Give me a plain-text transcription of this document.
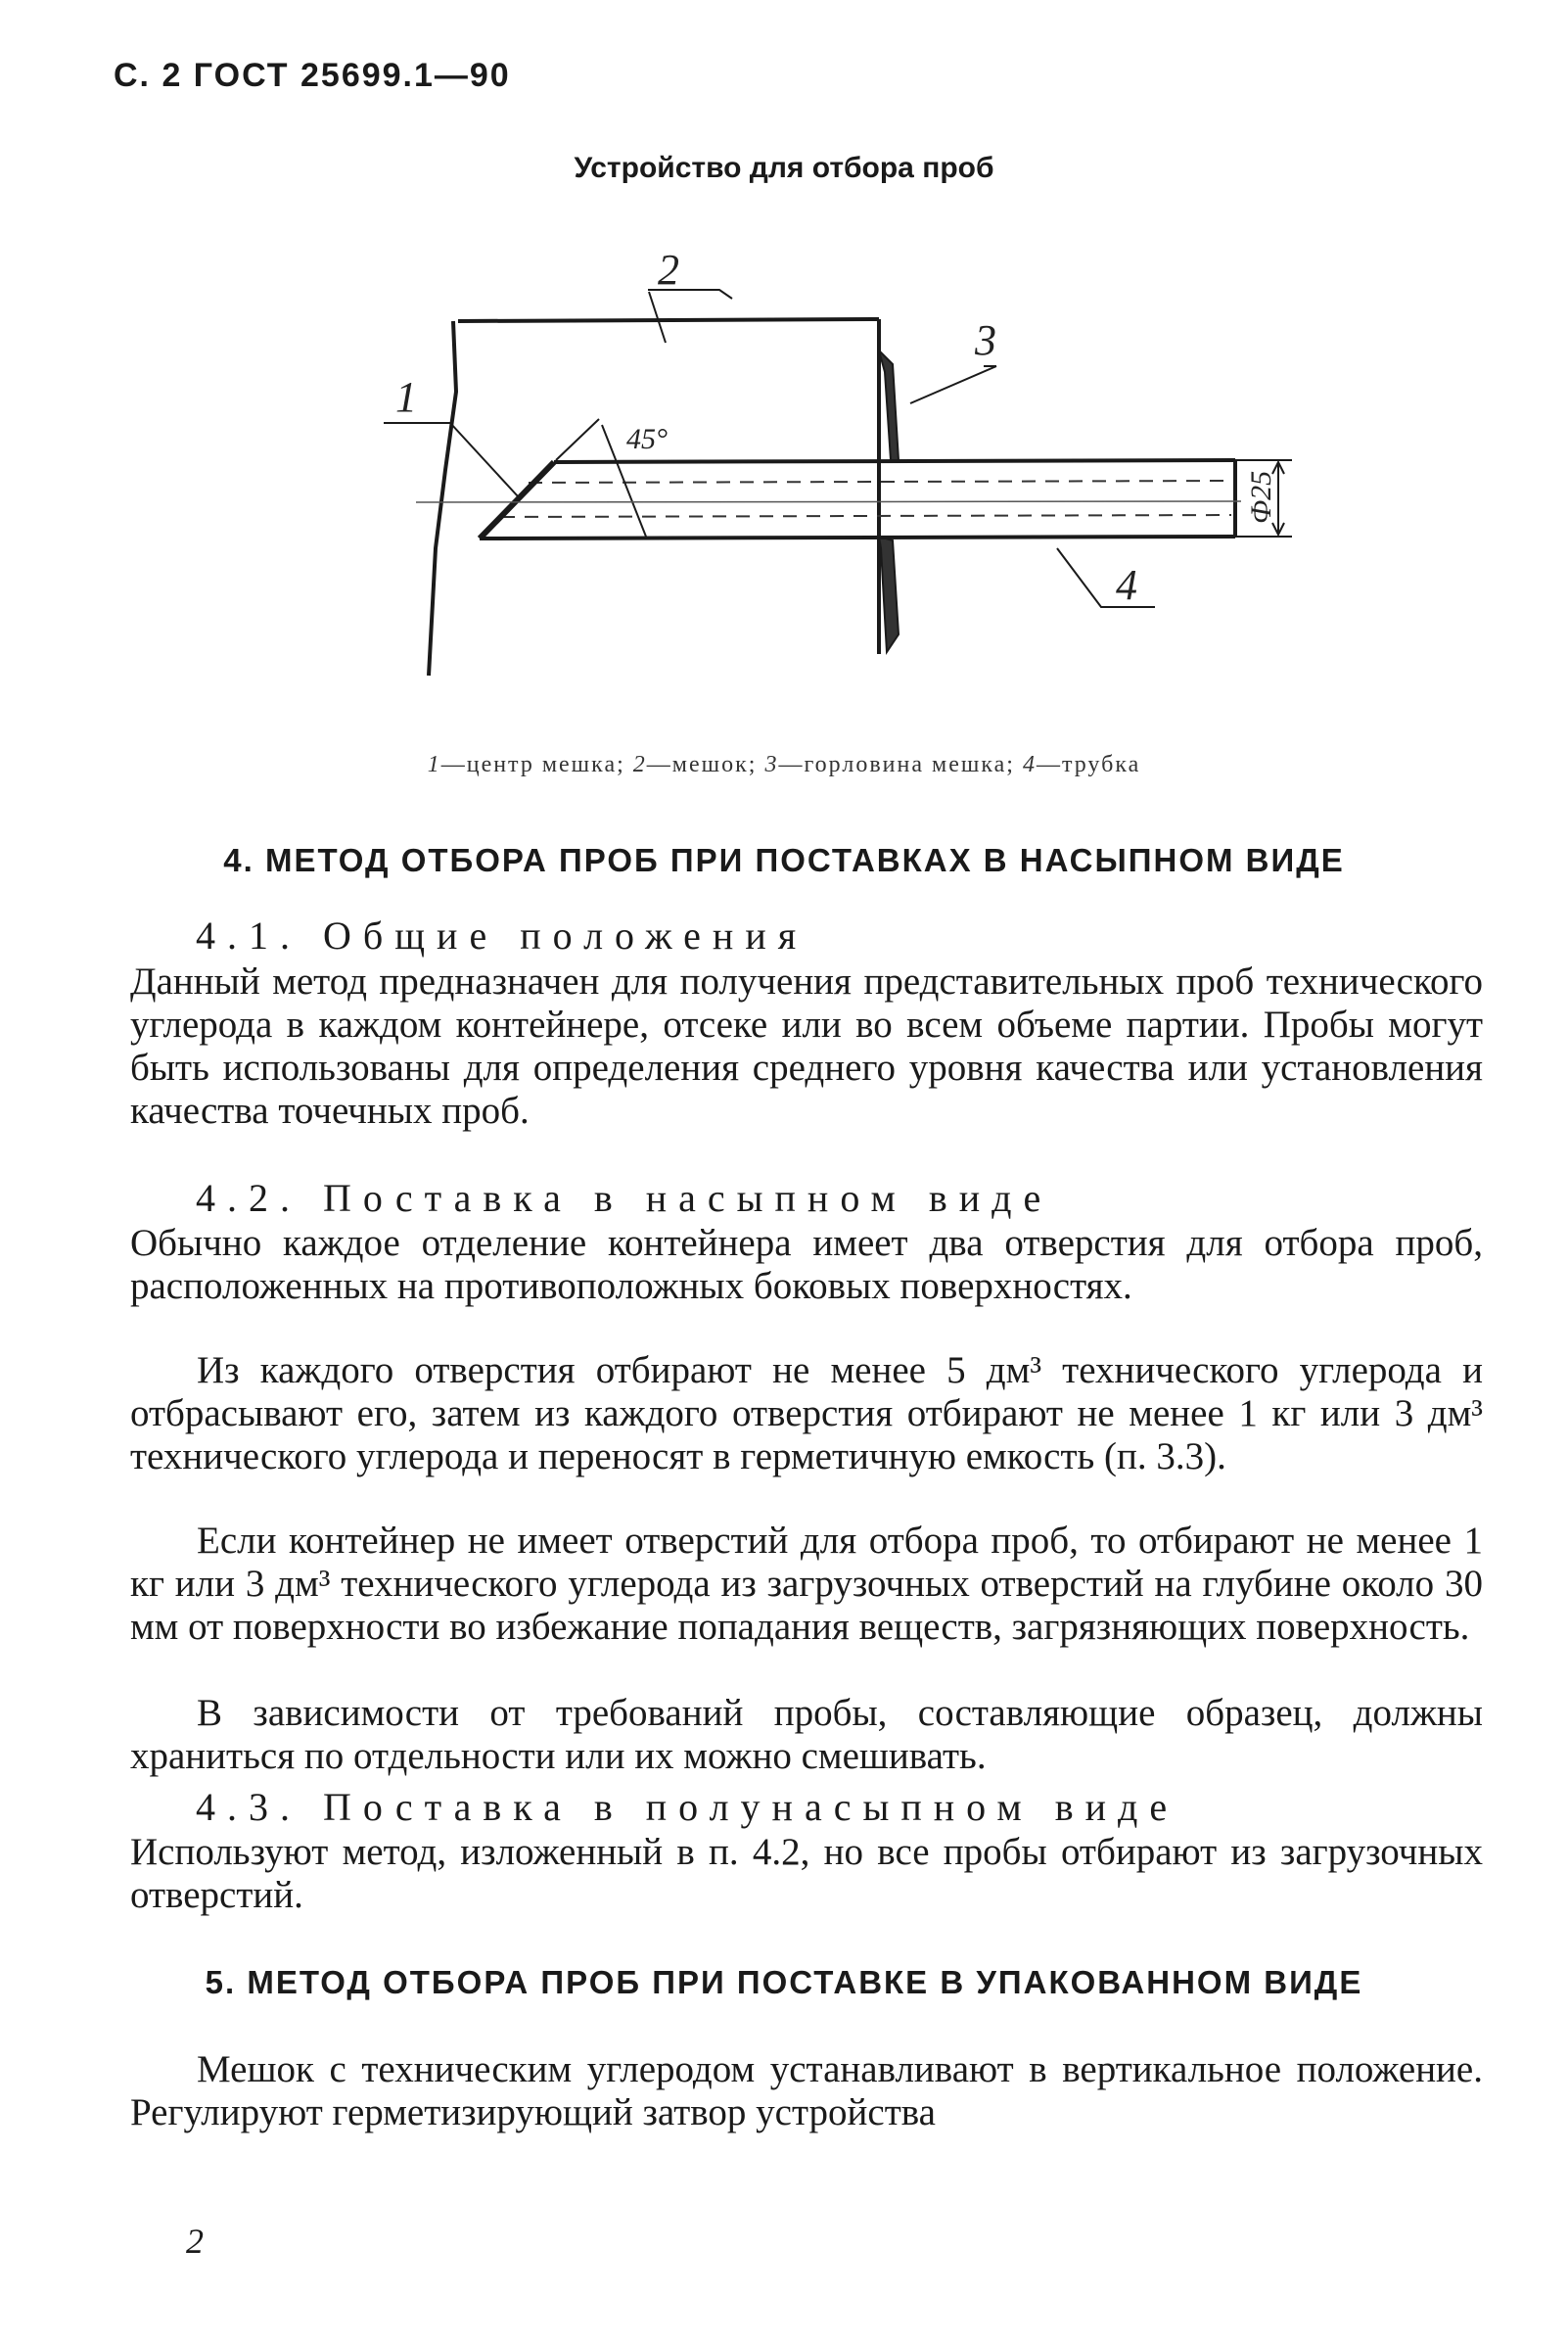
С. 2 ГОСТ 25699.1—90
Устройство для отбора проб
1
2
3
4
45°
Ф25
1—центр мешка; 2—мешок; 3—горловина мешка; 4—трубка
4. МЕТОД ОТБОРА ПРОБ ПРИ ПОСТАВКАХ В НАСЫПНОМ ВИДЕ
4.1. Общие положения

Данный метод предназначен для получения представительных проб технического углерода в каждом контейнере, отсеке или во всем объеме партии. Пробы могут быть использованы для определения среднего уровня качества или установления качества точечных проб.

4.2. Поставка в насыпном виде

Обычно каждое отделение контейнера имеет два отверстия для отбора проб, расположенных на противоположных боковых поверхностях.

Из каждого отверстия отбирают не менее 5 дм³ технического углерода и отбрасывают его, затем из каждого отверстия отбирают не менее 1 кг или 3 дм³ технического углерода и переносят в герметичную емкость (п. 3.3).

Если контейнер не имеет отверстий для отбора проб, то отбирают не менее 1 кг или 3 дм³ технического углерода из загрузочных отверстий на глубине около 30 мм от поверхности во избежание попадания веществ, загрязняющих поверхность.

В зависимости от требований пробы, составляющие образец, должны храниться по отдельности или их можно смешивать.

4.3. Поставка в полунасыпном виде

Используют метод, изложенный в п. 4.2, но все пробы отбирают из загрузочных отверстий.

5. МЕТОД ОТБОРА ПРОБ ПРИ ПОСТАВКЕ В УПАКОВАННОМ ВИДЕ

Мешок с техническим углеродом устанавливают в вертикальное положение. Регулируют герметизирующий затвор устройства

2
